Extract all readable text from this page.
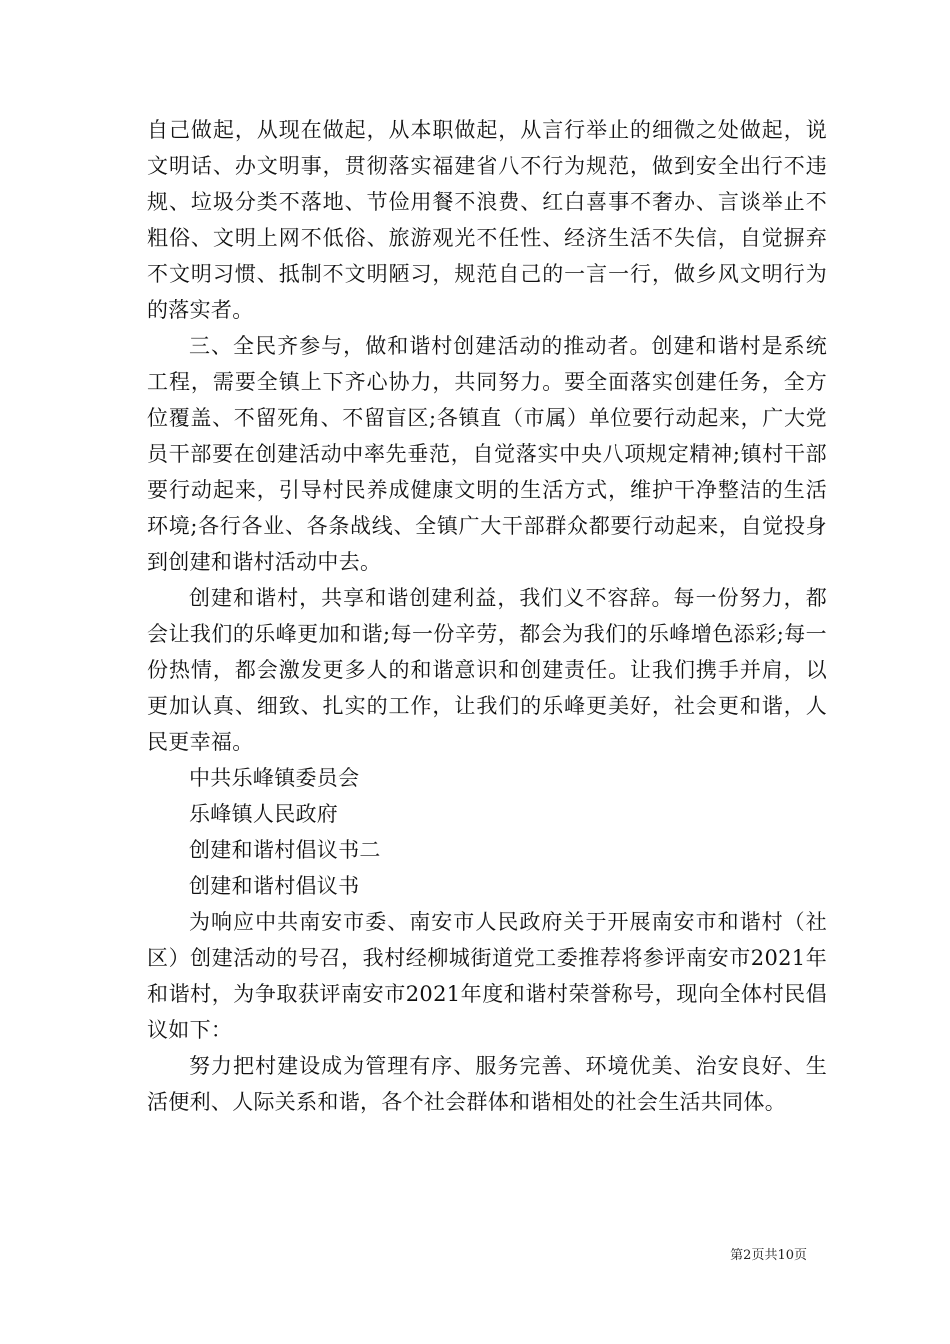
自己做起，从现在做起，从本职做起，从言行举止的细微之处做起，说文明话、办文明事，贯彻落实福建省八不行为规范，做到安全出行不违规、垃圾分类不落地、节俭用餐不浪费、红白喜事不奢办、言谈举止不粗俗、文明上网不低俗、旅游观光不任性、经济生活不失信，自觉摒弃不文明习惯、抵制不文明陋习，规范自己的一言一行，做乡风文明行为的落实者。

三、全民齐参与，做和谐村创建活动的推动者。创建和谐村是系统工程，需要全镇上下齐心协力，共同努力。要全面落实创建任务，全方位覆盖、不留死角、不留盲区;各镇直（市属）单位要行动起来，广大党员干部要在创建活动中率先垂范，自觉落实中央八项规定精神;镇村干部要行动起来，引导村民养成健康文明的生活方式，维护干净整洁的生活环境;各行各业、各条战线、全镇广大干部群众都要行动起来，自觉投身到创建和谐村活动中去。

创建和谐村，共享和谐创建利益，我们义不容辞。每一份努力，都会让我们的乐峰更加和谐;每一份辛劳，都会为我们的乐峰增色添彩;每一份热情，都会激发更多人的和谐意识和创建责任。让我们携手并肩，以更加认真、细致、扎实的工作，让我们的乐峰更美好，社会更和谐，人民更幸福。

中共乐峰镇委员会

乐峰镇人民政府

创建和谐村倡议书二

创建和谐村倡议书

为响应中共南安市委、南安市人民政府关于开展南安市和谐村（社区）创建活动的号召，我村经柳城街道党工委推荐将参评南安市2021年和谐村，为争取获评南安市2021年度和谐村荣誉称号，现向全体村民倡议如下：

努力把村建设成为管理有序、服务完善、环境优美、治安良好、生活便利、人际关系和谐，各个社会群体和谐相处的社会生活共同体。

第2页共10页
